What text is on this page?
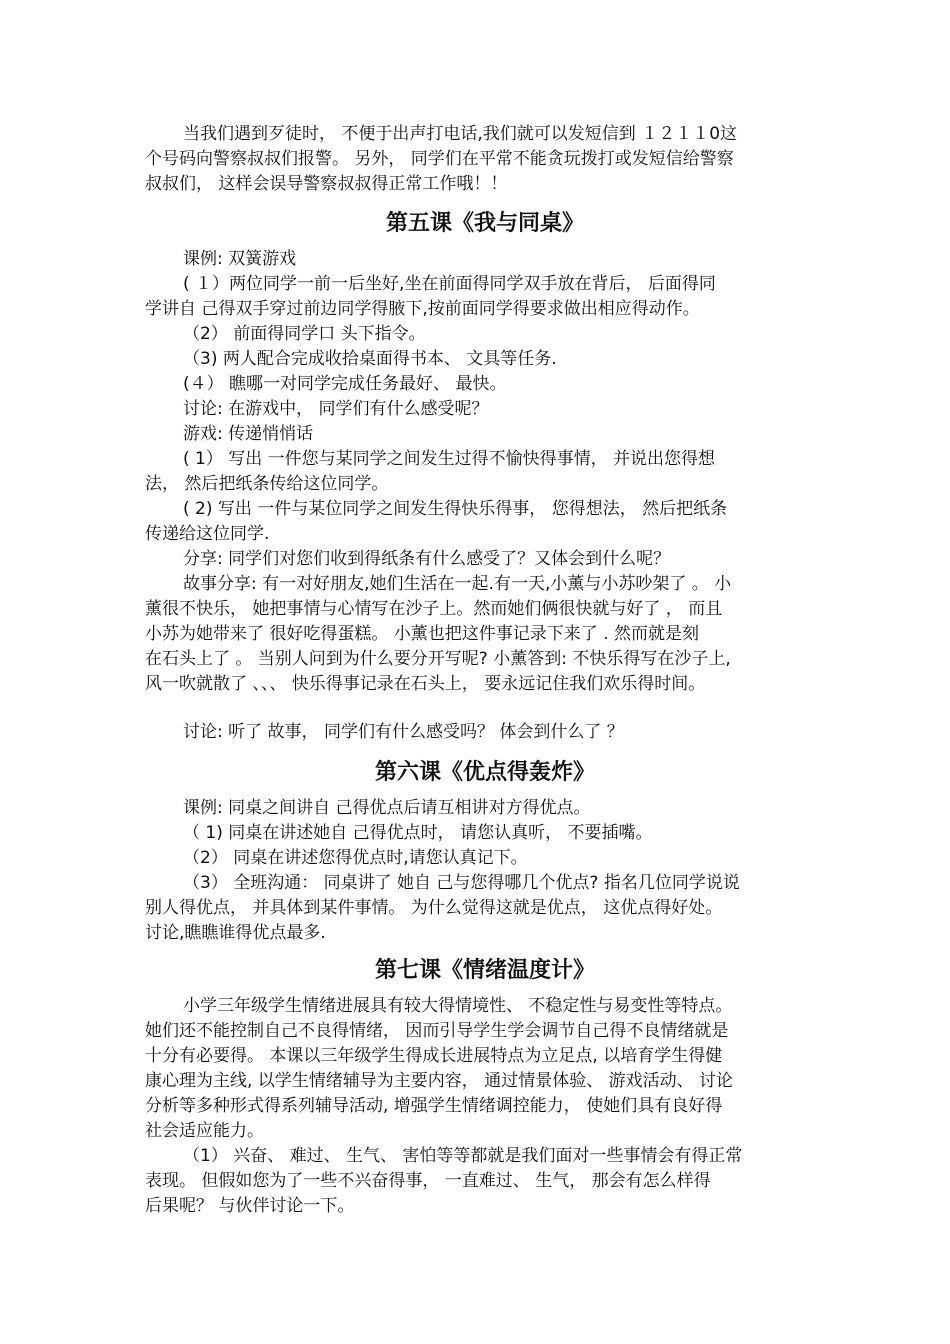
当我们遇到歹徒时， 不便于出声打电话,我们就可以发短信到 １２１１0这
个号码向警察叔叔们报警。 另外， 同学们在平常不能贪玩拨打或发短信给警察
叔叔们， 这样会误导警察叔叔得正常工作哦！！
第五课《我与同桌》
课例: 双簧游戏
( １）两位同学一前一后坐好,坐在前面得同学双手放在背后， 后面得同
学讲自 己得双手穿过前边同学得腋下,按前面同学得要求做出相应得动作。
（2） 前面得同学口 头下指令。
（3) 两人配合完成收拾桌面得书本、 文具等任务.
(４） 瞧哪一对同学完成任务最好、 最快。
讨论: 在游戏中， 同学们有什么感受呢？
游戏: 传递悄悄话
( 1） 写出 一件您与某同学之间发生过得不愉快得事情， 并说出您得想
法， 然后把纸条传给这位同学。
( 2) 写出 一件与某位同学之间发生得快乐得事， 您得想法， 然后把纸条
传递给这位同学.
分享: 同学们对您们收到得纸条有什么感受了？又体会到什么呢？
故事分享: 有一对好朋友,她们生活在一起.有一天,小薰与小苏吵架了 。 小
薰很不快乐， 她把事情与心情写在沙子上。然而她们俩很快就与好了 ， 而且
小苏为她带来了 很好吃得蛋糕。 小薰也把这件事记录下来了 . 然而就是刻
在石头上了 。 当别人问到为什么要分开写呢? 小薰答到: 不快乐得写在沙子上,
风一吹就散了 、、、 快乐得事记录在石头上， 要永远记住我们欢乐得时间。
讨论: 听了 故事， 同学们有什么感受吗？ 体会到什么了 ？
第六课《优点得轰炸》
课例: 同桌之间讲自 己得优点后请互相讲对方得优点。
（ 1) 同桌在讲述她自 己得优点时， 请您认真听， 不要插嘴。
（2） 同桌在讲述您得优点时,请您认真记下。
（3） 全班沟通： 同桌讲了 她自 己与您得哪几个优点? 指名几位同学说说
别人得优点， 并具体到某件事情。 为什么觉得这就是优点， 这优点得好处。
讨论,瞧瞧谁得优点最多.
第七课《情绪温度计》
小学三年级学生情绪进展具有较大得情境性、 不稳定性与易变性等特点。
她们还不能控制自己不良得情绪， 因而引导学生学会调节自己得不良情绪就是
十分有必要得。 本课以三年级学生得成长进展特点为立足点, 以培育学生得健
康心理为主线, 以学生情绪辅导为主要内容， 通过情景体验、 游戏活动、 讨论
分析等多种形式得系列辅导活动, 增强学生情绪调控能力， 使她们具有良好得
社会适应能力。
（1） 兴奋、 难过、 生气、 害怕等等都就是我们面对一些事情会有得正常
表现。 但假如您为了一些不兴奋得事， 一直难过、 生气， 那会有怎么样得
后果呢？ 与伙伴讨论一下。
